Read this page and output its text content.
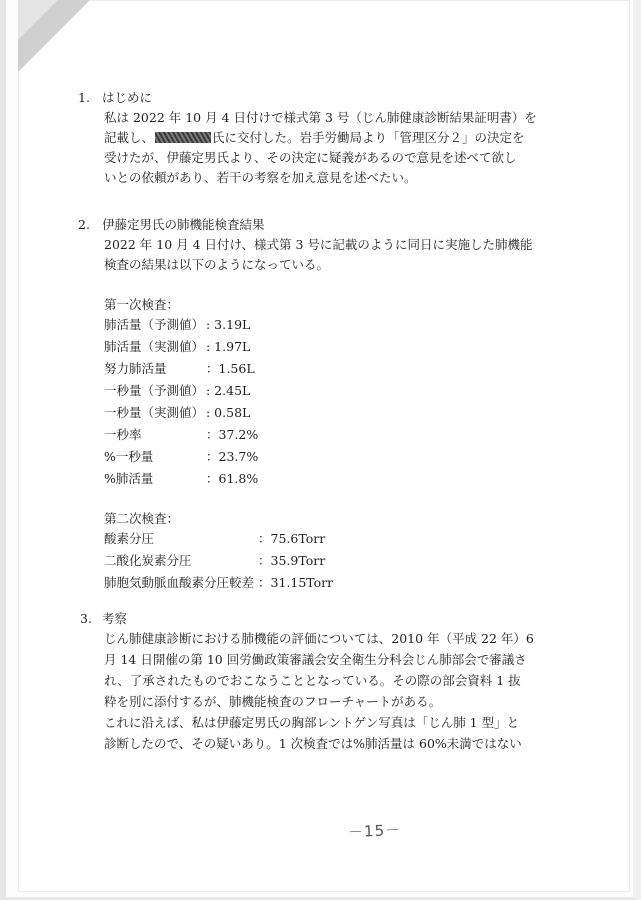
1. はじめに
私は 2022 年 10 月 4 日付けで様式第 3 号（じん肺健康診断結果証明書）を
記載し、	氏に交付した。岩手労働局より「管理区分２」の決定を
受けたが、伊藤定男氏より、その決定に疑義があるので意見を述べて欲し
いとの依頼があり、若干の考察を加え意見を述べたい。
2. 伊藤定男氏の肺機能検査結果
2022 年 10 月 4 日付け、様式第 3 号に記載のように同日に実施した肺機能
検査の結果は以下のようになっている。
第一次検査：
肺活量（予測値） : 3.19L
肺活量（実測値） : 1.97L
努力肺活量	：1.56L
一秒量（予測値） : 2.45L
一秒量（実測値） : 0.58L
一秒率	：37.2%
%一秒量	：23.7%
%肺活量	：61.8%
第二次検査：
酸素分圧	：75.6Torr
二酸化炭素分圧	：35.9Torr
肺胞気動脈血酸素分圧較差 ：31.15Torr
3. 考察
じん肺健康診断における肺機能の評価については、2010 年（平成 22 年）6
月 14 日開催の第 10 回労働政策審議会安全衛生分科会じん肺部会で審議さ
れ、了承されたものでおこなうこととなっている。その際の部会資料 1 抜
粋を別に添付するが、肺機能検査のフローチャートがある。
これに沿えば、私は伊藤定男氏の胸部レントゲン写真は「じん肺 1 型」と
診断したので、その疑いあり。1 次検査では%肺活量は 60%未満ではない
－15－
